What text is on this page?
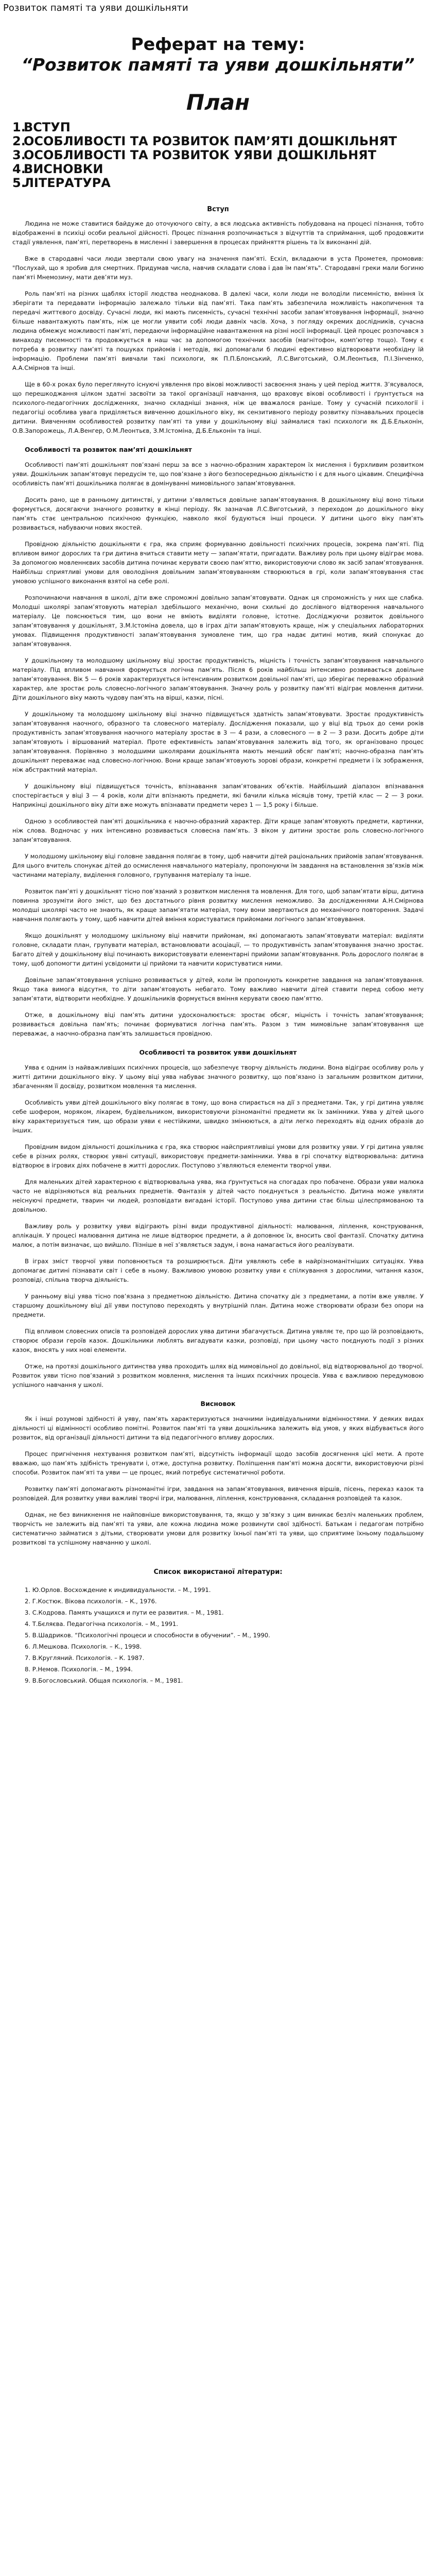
Розвиток памяті та уяви дошкільняти
Реферат на тему:
“Розвиток памяті та уяви дошкільняти”
План
1.ВСТУП
2.ОСОБЛИВОСТІ ТА РОЗВИТОК ПАМ’ЯТІ ДОШКІЛЬНЯТ
3.ОСОБЛИВОСТІ ТА РОЗВИТОК УЯВИ ДОШКІЛЬНЯТ
4.ВИСНОВКИ
5.ЛІТЕРАТУРА
Вступ

Людина не може ставитися байдуже до оточуючого світу, а вся людська активність побудована на процесі пізнання, тобто відображенні в психіці особи реальної дійсності. Процес пізнання розпочинається з відчуттів та сприймання, щоб продовжити стадії уявлення, пам’яті, перетворень в мисленні і завершення в процесах прийняття рішень та їх виконанні дій.

Вже в стародавні часи люди звертали свою увагу на значення пам’яті. Есхіл, вкладаючи в уста Прометея, промовив: "Послухай, що я зробив для смертних. Придумав числа, навчив складати слова і дав їм пам’ять". Стародавні греки мали богиню пам’яті Мнемозину, мати дев’яти муз.

Роль пам’яті на різних щаблях історії людства неоднакова. В далекі часи, коли люди не володіли писемністю, вміння їх зберігати та передавати інформацію залежало тільки від пам’яті. Така пам’ять забезпечила можливість накопичення та передачі життєвого досвіду. Сучасні люди, які мають писемність, сучасні технічні засоби запам’ятовування інформації, значно більше навантажують пам’ять, ніж це могли уявити собі люди давніх часів. Хоча, з погляду окремих дослідників, сучасна людина обмежує можливості пам’яті, передаючи інформаційне навантаження на різні носії інформації. Цей процес розпочався з винаходу писемності та продовжується в наш час за допомогою технічних засобів (магнітофон, комп’ютер тощо). Тому є потреба в розвитку пам’яті та пошуках прийомів і методів, які допомагали б людині ефективно відтворювати необхідну їй інформацію. Проблеми пам’яті вивчали такі психологи, як П.П.Блонський, Л.С.Виготський, О.М.Леонтьєв, П.І.Зінченко, А.А.Смірнов та інші.

Ще в 60-х роках було переглянуто існуючі уявлення про вікові можливості засвоєння знань у цей період життя. З’ясувалося, що перешкоджання цілком здатні засвоїти за такої організації навчання, що враховує вікові особливості і ґрунтується на психолого-педагогічних дослідженнях, значно складніші знання, ніж це вважалося раніше. Тому у сучасній психології і педагогіці особлива увага приділяється вивченню дошкільного віку, як сензитивного періоду розвитку пізнавальних процесів дитини. Вивченням особливостей розвитку пам’яті та уяви у дошкільному віці займалися такі психологи як Д.Б.Ельконін, О.В.Запорожець, Л.А.Венгер, О.М.Леонтьєв, З.М.Істоміна, Д.Б.Ельконін та інші.

Особливості та розвиток пам’яті дошкільнят

Особливості пам’яті дошкільнят пов’язані перш за все з наочно-образним характером їх мислення і бурхливим розвитком уяви. Дошкільник запам’ятовує передусім те, що пов’язане з його безпосередньою діяльністю і є для нього цікавим. Специфічна особливість пам’яті дошкільника полягає в домінуванні мимовільного запам’ятовування.

Досить рано, ще в ранньому дитинстві, у дитини з’являється довільне запам’ятовування. В дошкільному віці воно тільки формується, досягаючи значного розвитку в кінці періоду. Як зазначав Л.С.Виготський, з переходом до дошкільного віку пам’ять стає центральною психічною функцією, навколо якої будуються інші процеси. У дитини цього віку пам’ять розвивається, набуваючи нових якостей.

Провідною діяльністю дошкільняти є гра, яка сприяє формуванню довільності психічних процесів, зокрема пам’яті. Під впливом вимог дорослих та гри дитина вчиться ставити мету — запам’ятати, пригадати. Важливу роль при цьому відіграє мова. За допомогою мовленнєвих засобів дитина починає керувати своєю пам’яттю, використовуючи слово як засіб запам’ятовування. Найбільш сприятливі умови для оволодіння довільним запам’ятовуванням створюються в грі, коли запам’ятовування стає умовою успішного виконання взятої на себе ролі.

Розпочинаючи навчання в школі, діти вже спроможні довільно запам’ятовувати. Однак ця спроможність у них ще слабка. Молодші школярі запам’ятовують матеріал здебільшого механічно, вони схильні до дослівного відтворення навчального матеріалу. Це пояснюється тим, що вони не вміють виділяти головне, істотне. Досліджуючи розвиток довільного запам’ятовування у дошкільнят, З.М.Істоміна довела, що в іграх діти запам’ятовують краще, ніж у спеціальних лабораторних умовах. Підвищення продуктивності запам’ятовування зумовлене тим, що гра надає дитині мотив, який спонукає до запам’ятовування.

У дошкільному та молодшому шкільному віці зростає продуктивність, міцність і точність запам’ятовування навчального матеріалу. Під впливом навчання формується логічна пам’ять. Після 6 років найбільш інтенсивно розвивається довільне запам’ятовування. Вік 5 — 6 років характеризується інтенсивним розвитком довільної пам’яті, що зберігає переважно образний характер, але зростає роль словесно-логічного запам’ятовування. Значну роль у розвитку пам’яті відіграє мовлення дитини. Діти дошкільного віку мають чудову пам’ять на вірші, казки, пісні.

У дошкільному та молодшому шкільному віці значно підвищується здатність запам’ятовувати. Зростає продуктивність запам’ятовування наочного, образного та словесного матеріалу. Дослідження показали, що у віці від трьох до семи років продуктивність запам’ятовування наочного матеріалу зростає в 3 — 4 рази, а словесного — в 2 — 3 рази. Досить добре діти запам’ятовують і віршований матеріал. Проте ефективність запам’ятовування залежить від того, як організовано процес запам’ятовування. Порівняно з молодшими школярами дошкільнята мають менший обсяг пам’яті; наочно-образна пам’ять дошкільнят переважає над словесно-логічною. Вони краще запам’ятовують зорові образи, конкретні предмети і їх зображення, ніж абстрактний матеріал.

У дошкільному віці підвищується точність, впізнавання запам’ятованих об’єктів. Найбільший діапазон впізнавання спостерігається у віці 3 — 4 років, коли діти впізнають предмети, які бачили кілька місяців тому, третій клас — 2 — 3 роки. Наприкінці дошкільного віку діти вже можуть впізнавати предмети через 1 — 1,5 року і більше.

Одною з особливостей пам’яті дошкільника є наочно-образний характер. Діти краще запам’ятовують предмети, картинки, ніж слова. Водночас у них інтенсивно розвивається словесна пам’ять. З віком у дитини зростає роль словесно-логічного запам’ятовування.

У молодшому шкільному віці головне завдання полягає в тому, щоб навчити дітей раціональних прийомів запам’ятовування. Для цього вчитель спонукає дітей до осмислення навчального матеріалу, пропонуючи їм завдання на встановлення зв’язків між частинами матеріалу, виділення головного, групування матеріалу та інше.

Розвиток пам’яті у дошкільнят тісно пов’язаний з розвитком мислення та мовлення. Для того, щоб запам’ятати вірш, дитина повинна зрозуміти його зміст, що без достатнього рівня розвитку мислення неможливо. За дослідженнями А.Н.Смірнова молодші школярі часто не знають, як краще запам’ятати матеріал, тому вони звертаються до механічного повторення. Задачі навчання полягають у тому, щоб навчити дітей вміння користуватися прийомами логічного запам’ятовування.

Якщо дошкільнят у молодшому шкільному віці навчити прийомам, які допомагають запам’ятовувати матеріал: виділяти головне, складати план, групувати матеріал, встановлювати асоціації, — то продуктивність запам’ятовування значно зростає. Багато дітей у дошкільному віці починають використовувати елементарні прийоми запам’ятовування. Роль дорослого полягає в тому, щоб допомогти дитині усвідомити ці прийоми та навчити користуватися ними.

Довільне запам’ятовування успішно розвивається у дітей, коли їм пропонують конкретне завдання на запам’ятовування. Якщо така вимога відсутня, то діти запам’ятовують небагато. Тому важливо навчити дітей ставити перед собою мету запам’ятати, відтворити необхідне. У дошкільників формується вміння керувати своєю пам’яттю.

Отже, в дошкільному віці пам’ять дитини удосконалюється: зростає обсяг, міцність і точність запам’ятовування; розвивається довільна пам’ять; починає формуватися логічна пам’ять. Разом з тим мимовільне запам’ятовування ще переважає, а наочно-образна пам’ять залишається провідною.

Особливості та розвиток уяви дошкільнят

Уява є одним із найважливіших психічних процесів, що забезпечує творчу діяльність людини. Вона відіграє особливу роль у житті дитини дошкільного віку. У цьому віці уява набуває значного розвитку, що пов’язано із загальним розвитком дитини, збагаченням її досвіду, розвитком мовлення та мислення.

Особливість уяви дітей дошкільного віку полягає в тому, що вона спирається на дії з предметами. Так, у грі дитина уявляє себе шофером, моряком, лікарем, будівельником, використовуючи різноманітні предмети як їх замінники. Уява у дітей цього віку характеризується тим, що образи уяви є нестійкими, швидко змінюються, а діти легко переходять від одних образів до інших.

Провідним видом діяльності дошкільника є гра, яка створює найсприятливіші умови для розвитку уяви. У грі дитина уявляє себе в різних ролях, створює уявні ситуації, використовує предмети-замінники. Уява в грі спочатку відтворювальна: дитина відтворює в ігрових діях побачене в житті дорослих. Поступово з’являються елементи творчої уяви.

Для маленьких дітей характерною є відтворювальна уява, яка ґрунтується на спогадах про побачене. Образи уяви малюка часто не відрізняються від реальних предметів. Фантазія у дітей часто поєднується з реальністю. Дитина може уявляти неіснуючі предмети, тварин чи людей, розповідати вигадані історії. Поступово уява дитини стає більш цілеспрямованою та довільною.

Важливу роль у розвитку уяви відіграють різні види продуктивної діяльності: малювання, ліплення, конструювання, аплікація. У процесі малювання дитина не лише відтворює предмети, а й доповнює їх, вносить свої фантазії. Спочатку дитина малює, а потім визначає, що вийшло. Пізніше в неї з’являється задум, і вона намагається його реалізувати.

В іграх зміст творчої уяви поповнюється та розширюється. Діти уявляють себе в найрізноманітніших ситуаціях. Уява допомагає дитині пізнавати світ і себе в ньому. Важливою умовою розвитку уяви є спілкування з дорослими, читання казок, розповіді, спільна творча діяльність.

У ранньому віці уява тісно пов’язана з предметною діяльністю. Дитина спочатку діє з предметами, а потім вже уявляє. У старшому дошкільному віці дії уяви поступово переходять у внутрішній план. Дитина може створювати образи без опори на предмети.

Під впливом словесних описів та розповідей дорослих уява дитини збагачується. Дитина уявляє те, про що їй розповідають, створює образи героїв казок. Дошкільники люблять вигадувати казки, розповіді, при цьому часто поєднують події з різних казок, вносять у них нові елементи.

Отже, на протязі дошкільного дитинства уява проходить шлях від мимовільної до довільної, від відтворювальної до творчої. Розвиток уяви тісно пов’язаний з розвитком мовлення, мислення та інших психічних процесів. Уява є важливою передумовою успішного навчання у школі.

Висновок

Як і інші розумові здібності й уяву, пам’ять характеризуються значними індивідуальними відмінностями. У деяких видах діяльності ці відмінності особливо помітні. Розвиток пам’яті та уяви дошкільника залежить від умов, у яких відбувається його розвиток, від організації діяльності дитини та від педагогічного впливу дорослих.

Процес пригнічення нехтування розвитком пам’яті, відсутність інформації щодо засобів досягнення цієї мети. А проте вважаю, що пам’ять здібність тренувати і, отже, доступна розвитку. Поліпшення пам’яті можна досягти, використовуючи різні способи. Розвиток пам’яті та уяви — це процес, який потребує систематичної роботи.

Розвитку пам’яті допомагають різноманітні ігри, завдання на запам’ятовування, вивчення віршів, пісень, переказ казок та розповідей. Для розвитку уяви важливі творчі ігри, малювання, ліплення, конструювання, складання розповідей та казок.

Однак, не без виникнення не найповніше використовування, та, якщо у зв’язку з цим виникає безліч маленьких проблем, творчість не залежить від пам’яті та уяви, але кожна людина може розвинути свої здібності. Батькам і педагогам потрібно систематично займатися з дітьми, створювати умови для розвитку їхньої пам’яті та уяви, що сприятиме їхньому подальшому розвиткові та успішному навчанню у школі.

Список використаної літератури:
1. Ю.Орлов. Восхождение к индивидуальности. – М., 1991.
2. Г.Костюк. Вікова психологія. – К., 1976.
3. С.Кодрова. Память учащихся и пути ее развития. – М., 1981.
4. Т.Бєляєва. Педагогічна психологія. – М., 1991.
5. В.Шадриков. “Психологічні процеси и способности в обучении”. – М., 1990.
6. Л.Мешкова. Психологія. – К., 1998.
7. В.Кругляний. Психологія. – К. 1987.
8. Р.Немов. Психологія. – М., 1994.
9. В.Богословський. Общая психологія. – М., 1981.
